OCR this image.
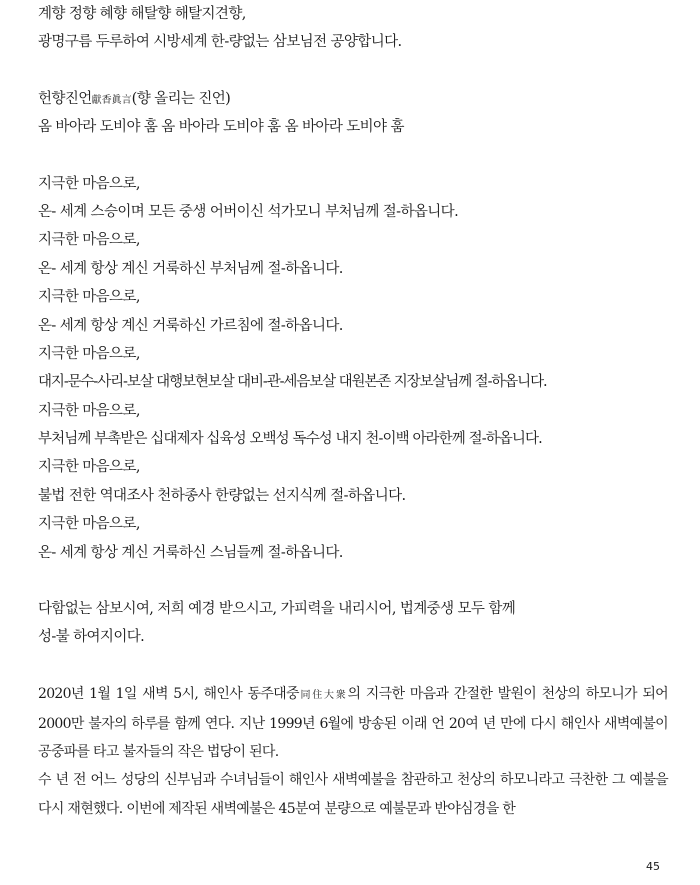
계향 정향 혜향 해탈향 해탈지견향,
광명구름 두루하여 시방세계 한-량없는 삼보님전 공양합니다.
헌향진언獻香眞言(향 올리는 진언)
옴 바아라 도비야 훔 옴 바아라 도비야 훔 옴 바아라 도비야 훔
지극한 마음으로,
온- 세계 스승이며 모든 중생 어버이신 석가모니 부처님께 절-하옵니다.
지극한 마음으로,
온- 세계 항상 계신 거룩하신 부처님께 절-하옵니다.
지극한 마음으로,
온- 세계 항상 계신 거룩하신 가르침에 절-하옵니다.
지극한 마음으로,
대지-문수-사리-보살 대행보현보살 대비-관-세음보살 대원본존 지장보살님께 절-하옵니다.
지극한 마음으로,
부처님께 부촉받은 십대제자 십육성 오백성 독수성 내지 천-이백 아라한께 절-하옵니다.
지극한 마음으로,
불법 전한 역대조사 천하종사 한량없는 선지식께 절-하옵니다.
지극한 마음으로,
온- 세계 항상 계신 거룩하신 스님들께 절-하옵니다.
다함없는 삼보시여, 저희 예경 받으시고, 가피력을 내리시어, 법계중생 모두 함께
성-불 하여지이다.

2020년 1월 1일 새벽 5시, 해인사 동주대중同住大衆의 지극한 마음과 간절한 발원이 천상의 하모니가 되어 2000만 불자의 하루를 함께 연다. 지난 1999년 6월에 방송된 이래 언 20여 년 만에 다시 해인사 새벽예불이 공중파를 타고 불자들의 작은 법당이 된다.

수 년 전 어느 성당의 신부님과 수녀님들이 해인사 새벽예불을 참관하고 천상의 하모니라고 극찬한 그 예불을 다시 재현했다. 이번에 제작된 새벽예불은 45분여 분량으로 예불문과 반야심경을 한

45
